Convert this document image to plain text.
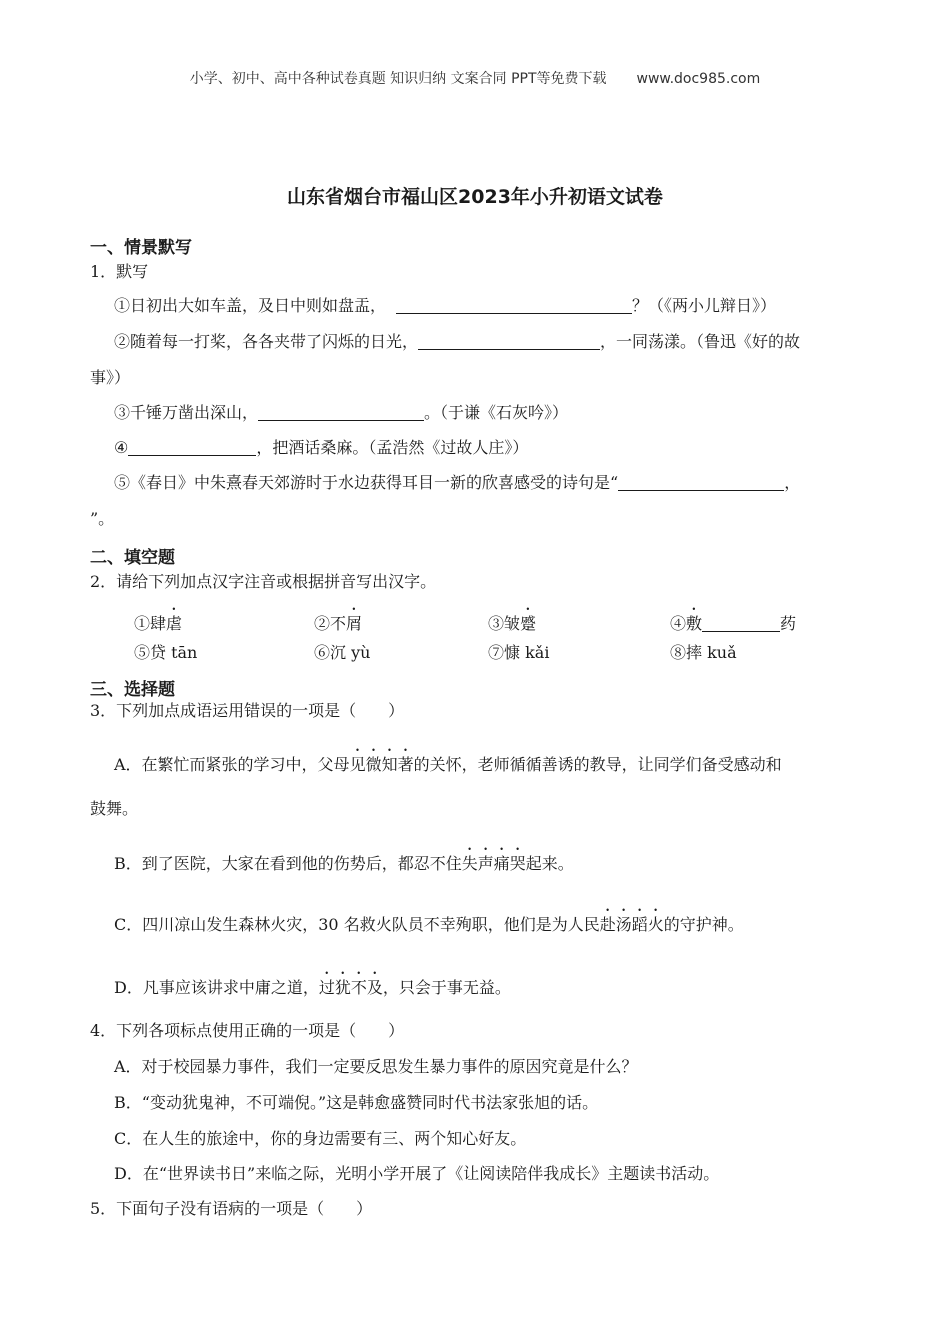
小学、初中、高中各种试卷真题 知识归纳 文案合同 PPT等免费下载 www.doc985.com
山东省烟台市福山区2023年小升初语文试卷
一、情景默写
1．默写
①日初出大如车盖，及日中则如盘盂，	？（《两小儿辩日》）
②随着每一打桨，各各夹带了闪烁的日光，	，一同荡漾。（鲁迅《好的故
事》）
③千锤万凿出深山，	。（于谦《石灰吟》）
④	，把酒话桑麻。（孟浩然《过故人庄》）
⑤《春日》中朱熹春天郊游时于水边获得耳目一新的欣喜感受的诗句是“	，
”。
二、填空题
2．请给下列加点汉字注音或根据拼音写出汉字。
①肆虐	②不屑	③皱蹙	④敷	药
⑤贷 tān	⑥沉 yù	⑦慷 kǎi	⑧摔 kuǎ
三、选择题
3．下列加点成语运用错误的一项是（　　）
A．在繁忙而紧张的学习中，父母见微知著的关怀，老师循循善诱的教导，让同学们备受感动和
鼓舞。
B．到了医院，大家在看到他的伤势后，都忍不住失声痛哭起来。
C．四川凉山发生森林火灾，30 名救火队员不幸殉职，他们是为人民赴汤蹈火的守护神。
D．凡事应该讲求中庸之道，过犹不及，只会于事无益。
4．下列各项标点使用正确的一项是（　　）
A．对于校园暴力事件，我们一定要反思发生暴力事件的原因究竟是什么？
B．“变动犹鬼神，不可端倪。”这是韩愈盛赞同时代书法家张旭的话。
C．在人生的旅途中，你的身边需要有三、两个知心好友。
D．在“世界读书日”来临之际，光明小学开展了《让阅读陪伴我成长》主题读书活动。
5．下面句子没有语病的一项是（　　）
